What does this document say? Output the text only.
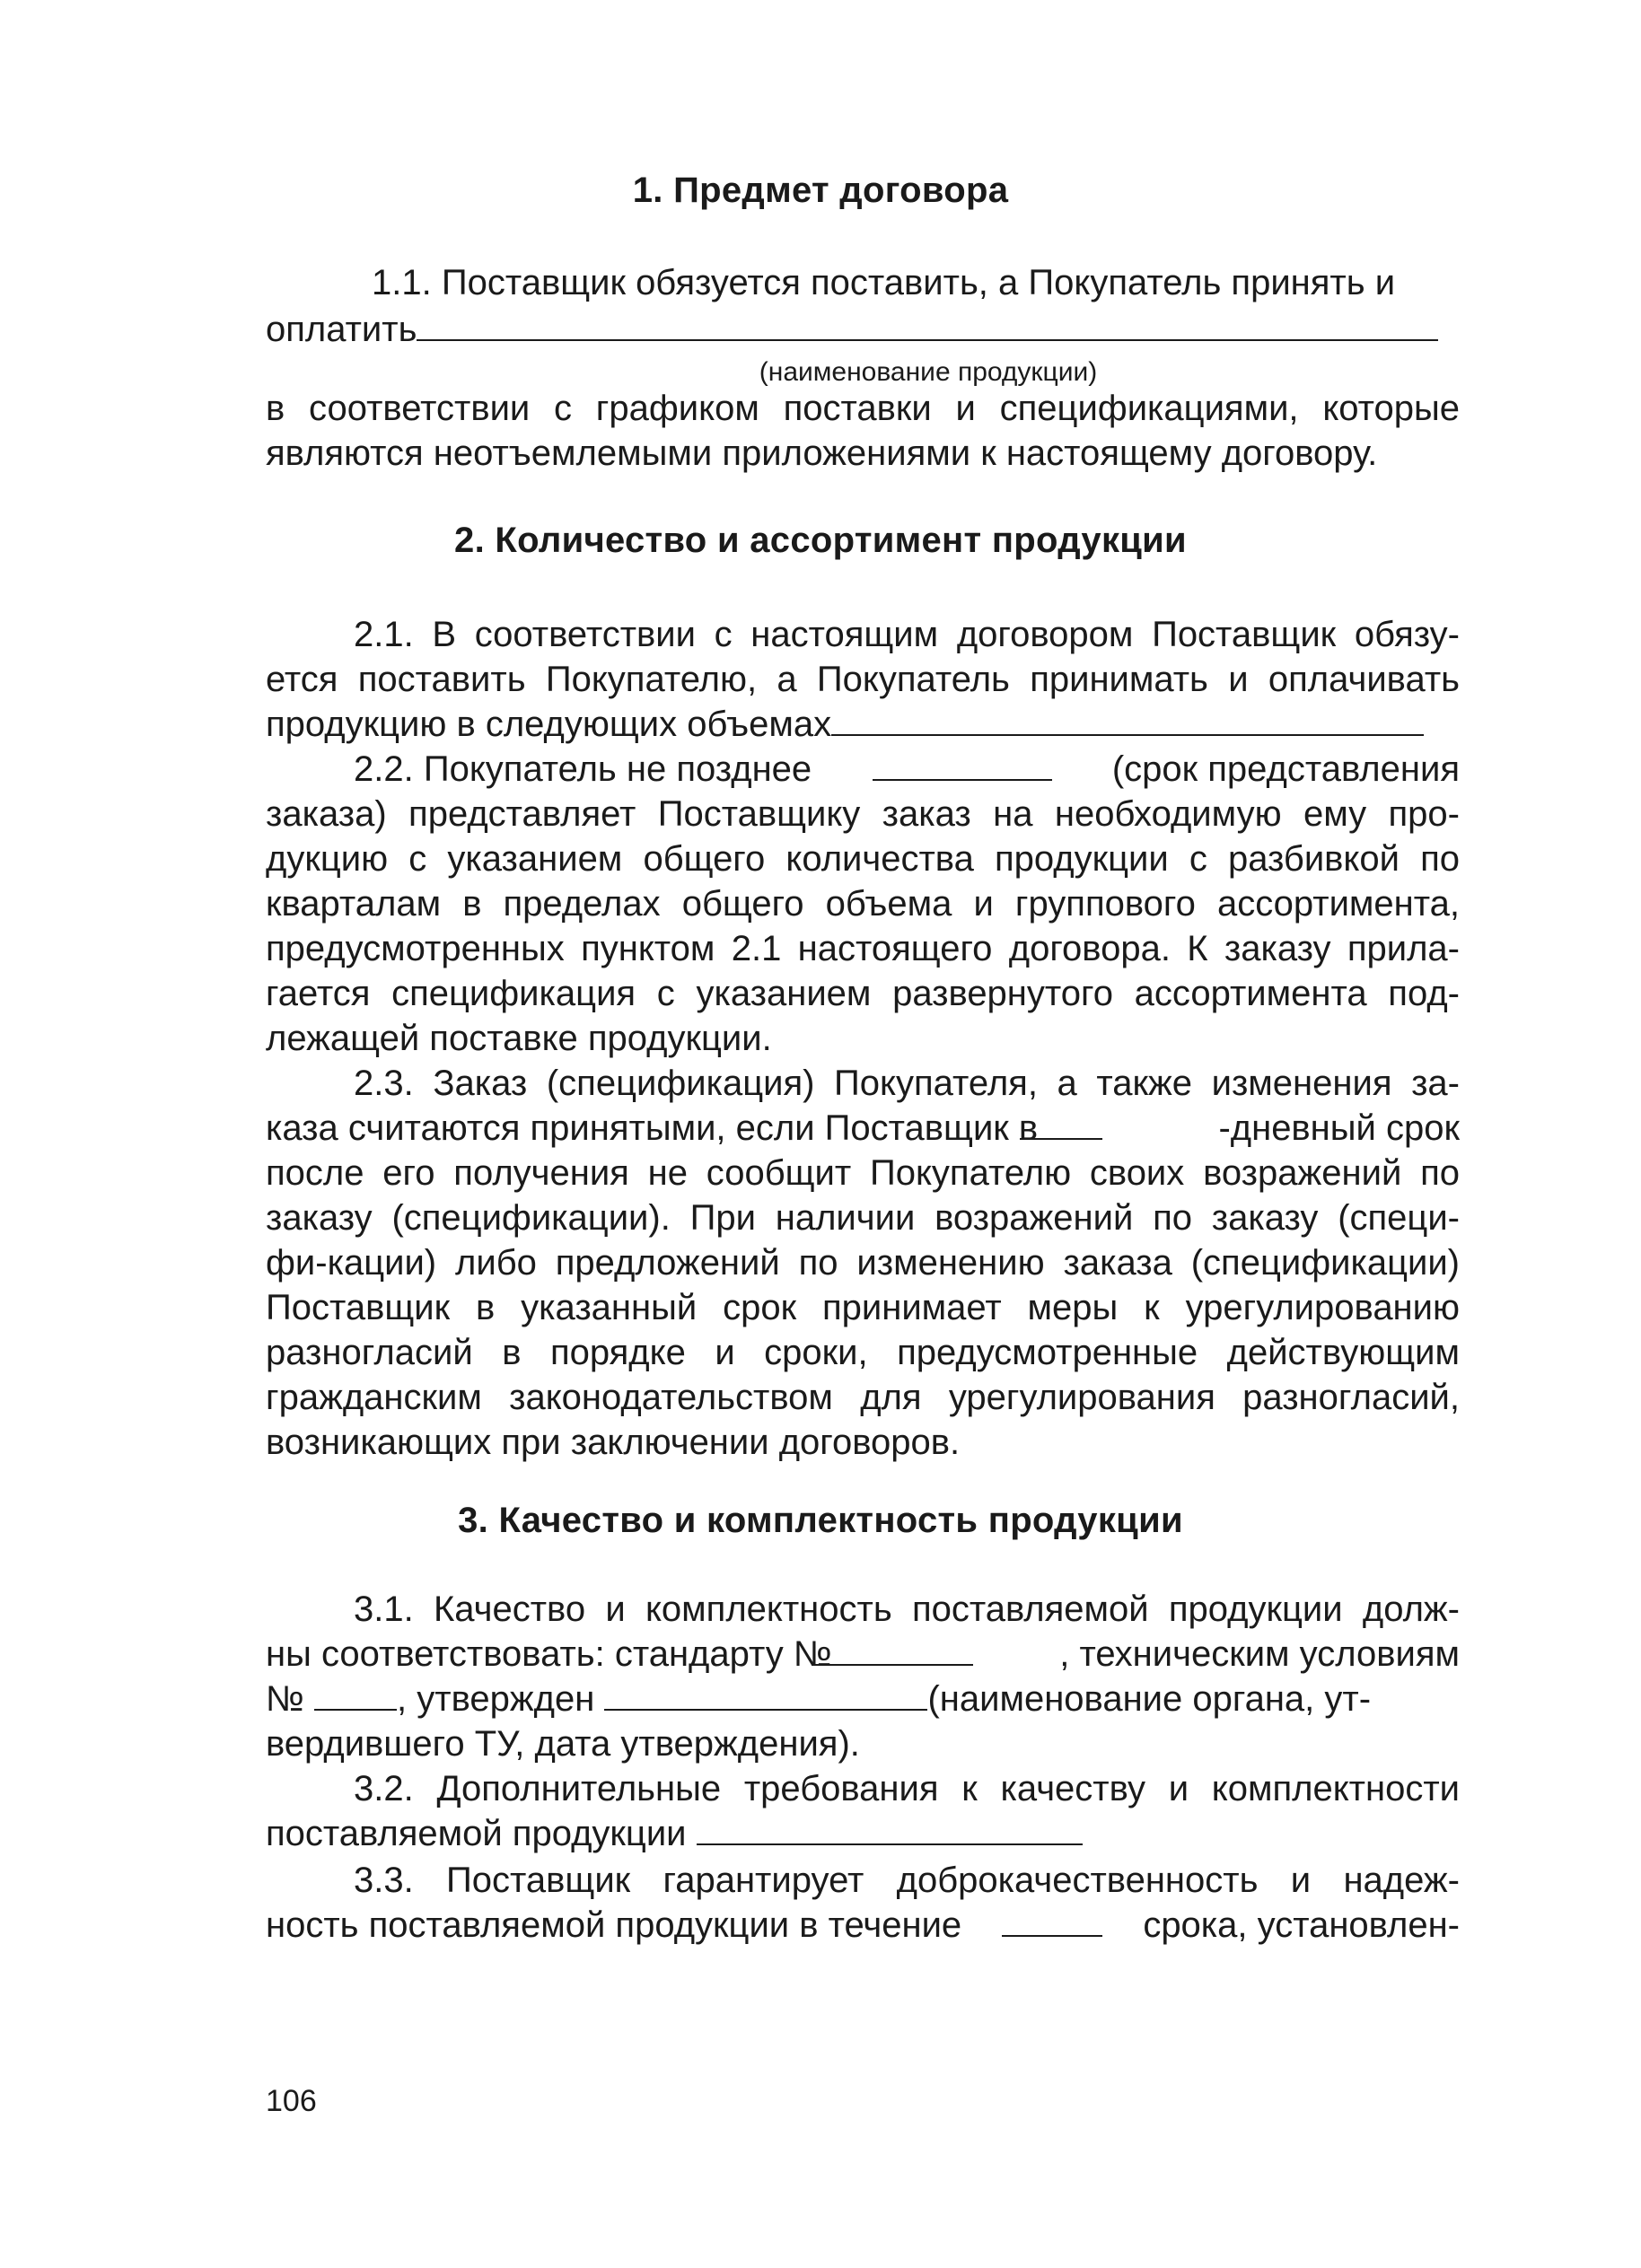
1. Предмет договора
1.1. Поставщик обязуется поставить, а Покупатель принять и
оплатить
(наименование продукции)
в соответствии с графиком поставки и спецификациями, которые
являются неотъемлемыми приложениями к настоящему договору.
2. Количество и ассортимент продукции
2.1. В соответствии с настоящим договором Поставщик обязу-
ется поставить Покупателю, а Покупатель принимать и оплачивать
продукцию в следующих объемах
2.2. Покупатель не позднее	(срок представления
заказа) представляет Поставщику заказ на необходимую ему про-
дукцию с указанием общего количества продукции с разбивкой по
кварталам в пределах общего объема и группового ассортимента,
предусмотренных пунктом 2.1 настоящего договора. К заказу прила-
гается спецификация с указанием развернутого ассортимента под-
лежащей поставке продукции.
2.3. Заказ (спецификация) Покупателя, а также изменения за-
каза считаются принятыми, если Поставщик в	-дневный срок
после его получения не сообщит Покупателю своих возражений по
заказу (спецификации). При наличии возражений по заказу (специ-
фи-кации) либо предложений по изменению заказа (спецификации)
Поставщик в указанный срок принимает меры к урегулированию
разногласий в порядке и сроки, предусмотренные действующим
гражданским законодательством для урегулирования разногласий,
возникающих при заключении договоров.
3. Качество и комплектность продукции
3.1. Качество и комплектность поставляемой продукции долж-
ны соответствовать: стандарту №	, техническим условиям
№	, утвержден	(наименование органа, ут-
вердившего ТУ, дата утверждения).
3.2. Дополнительные требования к качеству и комплектности
поставляемой продукции
3.3. Поставщик гарантирует доброкачественность и надеж-
ность поставляемой продукции в течение	срока, установлен-
106
